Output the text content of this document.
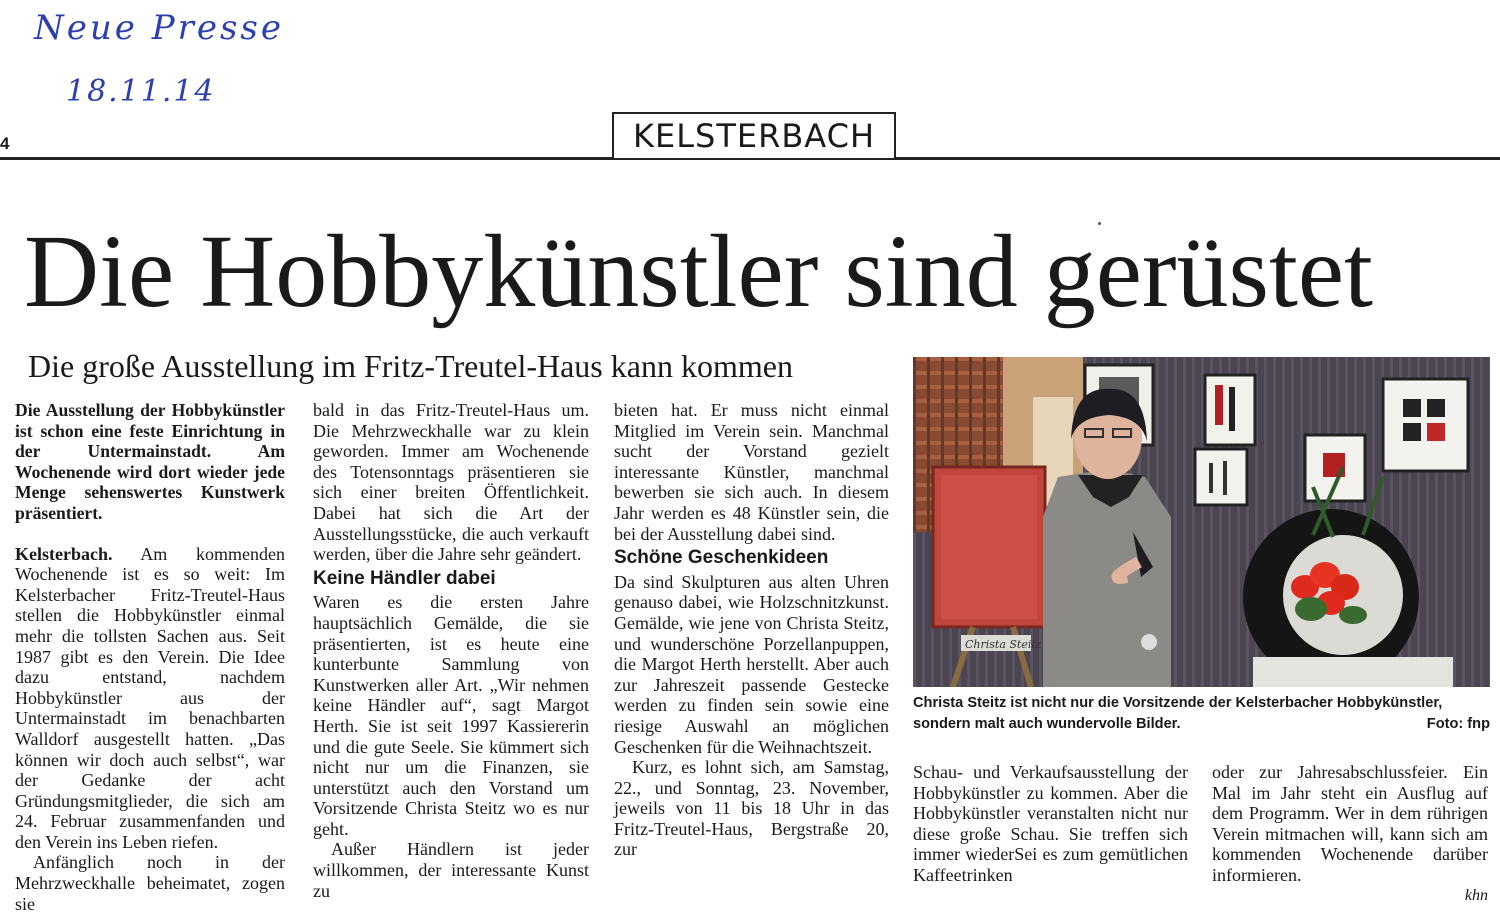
Neue Presse
18.11.14
4	KELSTERBACH
Die Hobbykünstler sind gerüstet
Die große Ausstellung im Fritz-Treutel-Haus kann kommen

Die Ausstellung der Hobbykünstler ist schon eine feste Einrichtung in der Untermainstadt. Am Wochenende wird dort wieder jede Menge sehenswertes Kunstwerk präsentiert.

Kelsterbach. Am kommenden Wochenende ist es so weit: Im Kelsterbacher Fritz-Treutel-Haus stellen die Hobbykünstler einmal mehr die tollsten Sachen aus. Seit 1987 gibt es den Verein. Die Idee dazu entstand, nachdem Hobbykünstler aus der Untermainstadt im benachbarten Walldorf ausgestellt hatten. „Das können wir doch auch selbst“, war der Gedanke der acht Gründungsmitglieder, die sich am 24. Februar zusammenfanden und den Verein ins Leben riefen.

Anfänglich noch in der Mehrzweckhalle beheimatet, zogen sie

bald in das Fritz-Treutel-Haus um. Die Mehrzweckhalle war zu klein geworden. Immer am Wochenende des Totensonntags präsentieren sie sich einer breiten Öffentlichkeit. Dabei hat sich die Art der Ausstellungsstücke, die auch verkauft werden, über die Jahre sehr geändert.

Keine Händler dabei

Waren es die ersten Jahre hauptsächlich Gemälde, die sie präsentierten, ist es heute eine kunterbunte Sammlung von Kunstwerken aller Art. „Wir nehmen keine Händler auf“, sagt Margot Herth. Sie ist seit 1997 Kassiererin und die gute Seele. Sie kümmert sich nicht nur um die Finanzen, sie unterstützt auch den Vorstand um Vorsitzende Christa Steitz wo es nur geht.

Außer Händlern ist jeder willkommen, der interessante Kunst zu

bieten hat. Er muss nicht einmal Mitglied im Verein sein. Manchmal sucht der Vorstand gezielt interessante Künstler, manchmal bewerben sie sich auch. In diesem Jahr werden es 48 Künstler sein, die bei der Ausstellung dabei sind.

Schöne Geschenkideen

Da sind Skulpturen aus alten Uhren genauso dabei, wie Holzschnitzkunst. Gemälde, wie jene von Christa Steitz, und wunderschöne Porzellanpuppen, die Margot Herth herstellt. Aber auch zur Jahreszeit passende Gestecke werden zu finden sein sowie eine riesige Auswahl an möglichen Geschenken für die Weihnachtszeit.

Kurz, es lohnt sich, am Samstag, 22., und Sonntag, 23. November, jeweils von 11 bis 18 Uhr in das Fritz-Treutel-Haus, Bergstraße 20, zur

Christa Steitz
Christa Steitz ist nicht nur die Vorsitzende der Kelsterbacher Hobbykünstler, sondern malt auch wundervolle Bilder.	Foto: fnp

Schau- und Verkaufsausstellung der Hobbykünstler zu kommen. Aber die Hobbykünstler veranstalten nicht nur diese große Schau. Sie treffen sich immer wiederSei es zum gemütlichen Kaffeetrinken

oder zur Jahresabschlussfeier. Ein Mal im Jahr steht ein Ausflug auf dem Programm. Wer in dem rührigen Verein mitmachen will, kann sich am kommenden Wochenende darüber informieren.

khn
